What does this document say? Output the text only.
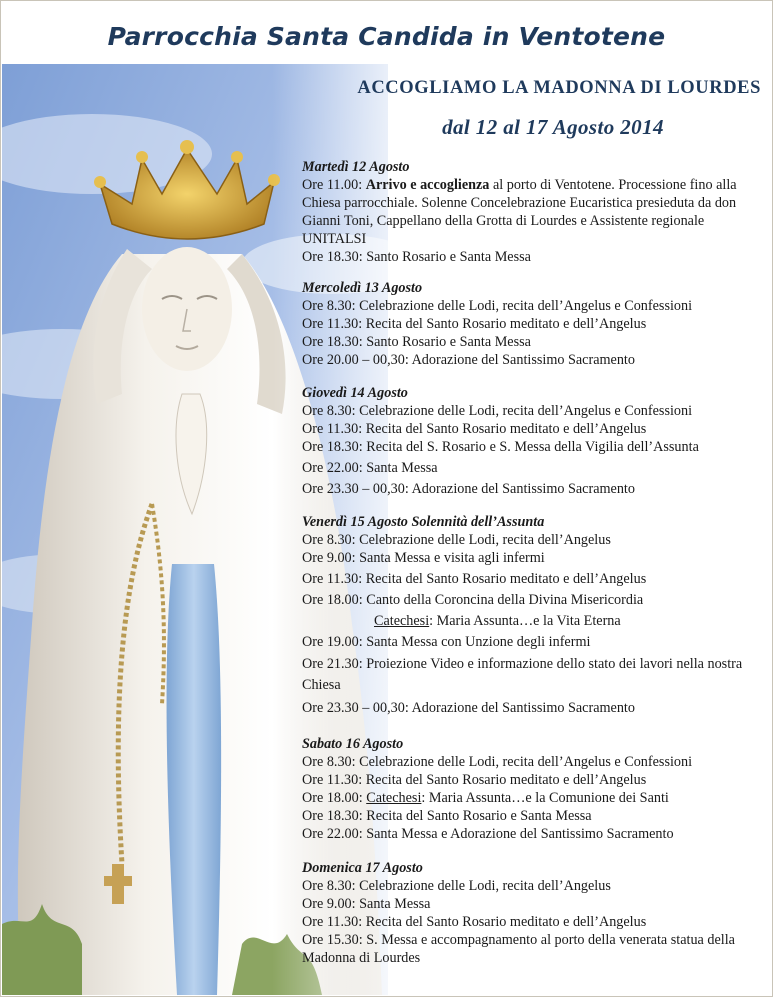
Parrocchia Santa Candida in Ventotene
ACCOGLIAMO LA MADONNA DI LOURDES
dal 12 al 17 Agosto 2014
Martedì 12 Agosto
Ore 11.00: Arrivo e accoglienza al porto di Ventotene. Processione fino alla Chiesa parrocchiale. Solenne Concelebrazione Eucaristica presieduta da don Gianni Toni, Cappellano della Grotta di Lourdes e Assistente regionale UNITALSI
Ore 18.30: Santo Rosario e Santa Messa
Mercoledì 13 Agosto
Ore 8.30: Celebrazione delle Lodi, recita dell’Angelus e Confessioni
Ore 11.30: Recita del Santo Rosario meditato e dell’Angelus
Ore 18.30: Santo Rosario e Santa Messa
Ore 20.00 – 00,30: Adorazione del Santissimo Sacramento
Giovedì 14 Agosto
Ore 8.30: Celebrazione delle Lodi, recita dell’Angelus e Confessioni
Ore 11.30: Recita del Santo Rosario meditato e dell’Angelus
Ore 18.30: Recita del S. Rosario e S. Messa della Vigilia dell’Assunta
Ore 22.00: Santa Messa
Ore 23.30 – 00,30: Adorazione del Santissimo Sacramento
Venerdì 15 Agosto Solennità dell’Assunta
Ore 8.30: Celebrazione delle Lodi, recita dell’Angelus
Ore 9.00: Santa Messa e visita agli infermi
Ore 11.30: Recita del Santo Rosario meditato e dell’Angelus
Ore 18.00: Canto della Coroncina della Divina Misericordia
Catechesi: Maria Assunta…e la Vita Eterna
Ore 19.00: Santa Messa con Unzione degli infermi
Ore 21.30: Proiezione Video e informazione dello stato dei lavori nella nostra Chiesa
Ore 23.30 – 00,30: Adorazione del Santissimo Sacramento
Sabato 16 Agosto
Ore 8.30: Celebrazione delle Lodi, recita dell’Angelus e Confessioni
Ore 11.30: Recita del Santo Rosario meditato e dell’Angelus
Ore 18.00: Catechesi: Maria Assunta…e la Comunione dei Santi
Ore 18.30: Recita del Santo Rosario e Santa Messa
Ore 22.00: Santa Messa e Adorazione del Santissimo Sacramento
Domenica 17 Agosto
Ore 8.30: Celebrazione delle Lodi, recita dell’Angelus
Ore 9.00: Santa Messa
Ore 11.30: Recita del Santo Rosario meditato e dell’Angelus
Ore 15.30: S. Messa e accompagnamento al porto della venerata statua della Madonna di Lourdes
